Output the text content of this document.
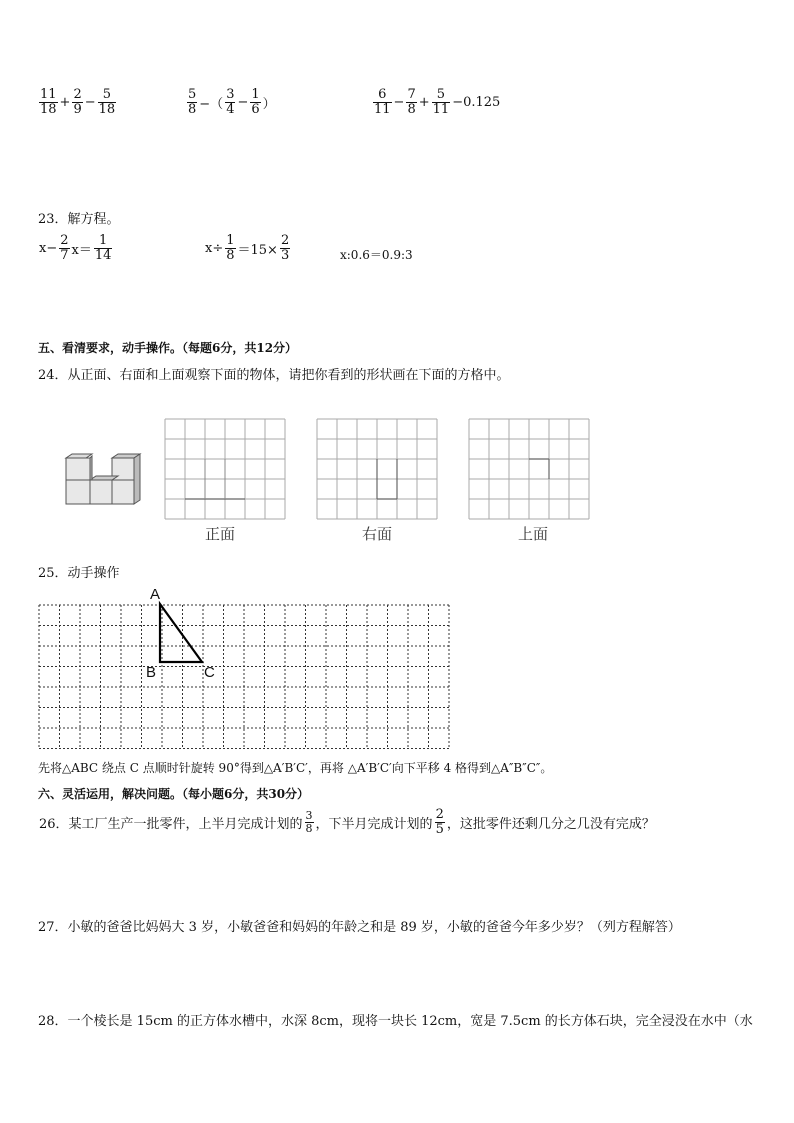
$\frac{11}{18} + \frac{2}{9} - \frac{5}{18}$	$\frac{5}{8}$ −（ $\frac{3}{4} - \frac{1}{6}$ ）	$\frac{6}{11} - \frac{7}{8} + \frac{5}{11} -0.125$
23．解方程。
$x- \frac{2}{7} x= \frac{1}{14}$	$x\div \frac{1}{8} =15\times \frac{2}{3}$	x:0.6＝0.9:3
五、看清要求，动手操作。（每题6分，共12分）
24．从正面、右面和上面观察下面的物体，请把你看到的形状画在下面的方格中。
正面	右面	上面
25．动手操作
A
B	C
先将△ABC 绕点 C 点顺时针旋转 90°得到△A′B′C′，再将 △A′B′C′向下平移 4 格得到△A″B″C″。
六、灵活运用，解决问题。（每小题6分，共30分）
26．某工厂生产一批零件，上半月完成计划的 $\frac{3}{8}$ ，下半月完成计划的 $\frac{2}{5}$ ，这批零件还剩几分之几没有完成？
27．小敏的爸爸比妈妈大 3 岁，小敏爸爸和妈妈的年龄之和是 89 岁，小敏的爸爸今年多少岁？（列方程解答）
28．一个棱长是 15cm 的正方体水槽中，水深 8cm，现将一块长 12cm，宽是 7.5cm 的长方体石块，完全浸没在水中（水
